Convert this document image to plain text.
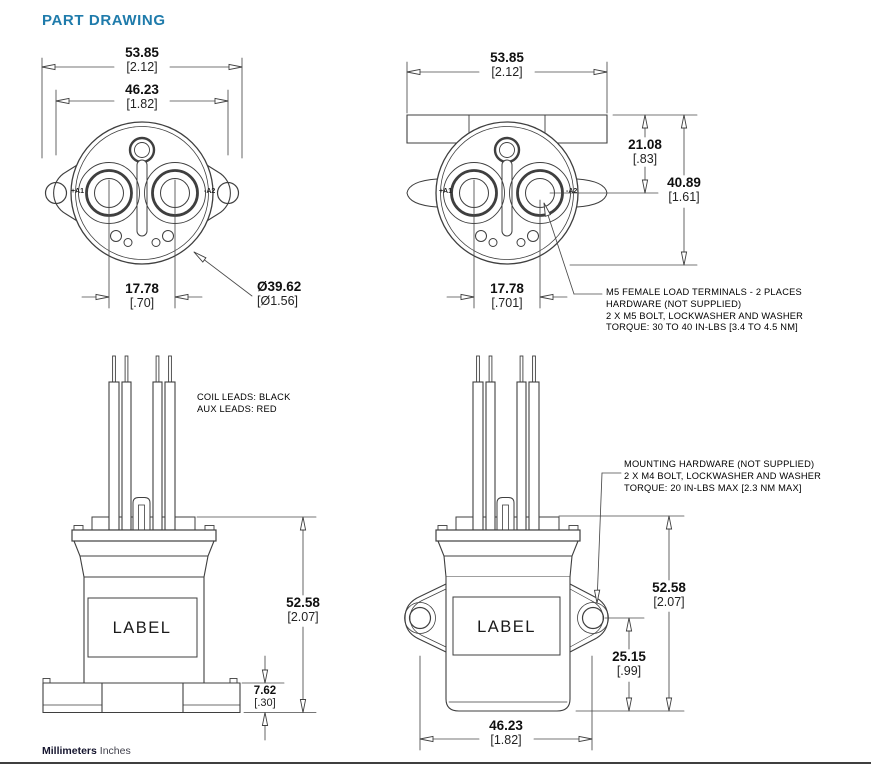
PART DRAWING
53.85
[2.12]
46.23
[1.82]
17.78
[.70]
Ø39.62
[Ø1.56]
+A1	-A2
53.85
[2.12]
21.08
[.83]
40.89
[1.61]
17.78
[.701]
+A1	-A2
M5 FEMALE LOAD TERMINALS - 2 PLACES
HARDWARE (NOT SUPPLIED)
2 X M5 BOLT, LOCKWASHER AND WASHER
TORQUE: 30 TO 40 IN-LBS [3.4 TO 4.5 NM]
COIL LEADS: BLACK
AUX LEADS: RED
LABEL
52.58
[2.07]
7.62
[.30]
MOUNTING HARDWARE (NOT SUPPLIED)
2 X M4 BOLT, LOCKWASHER AND WASHER
TORQUE: 20 IN-LBS MAX [2.3 NM MAX]
LABEL
52.58
[2.07]
25.15
[.99]
46.23
[1.82]
Millimeters Inches
